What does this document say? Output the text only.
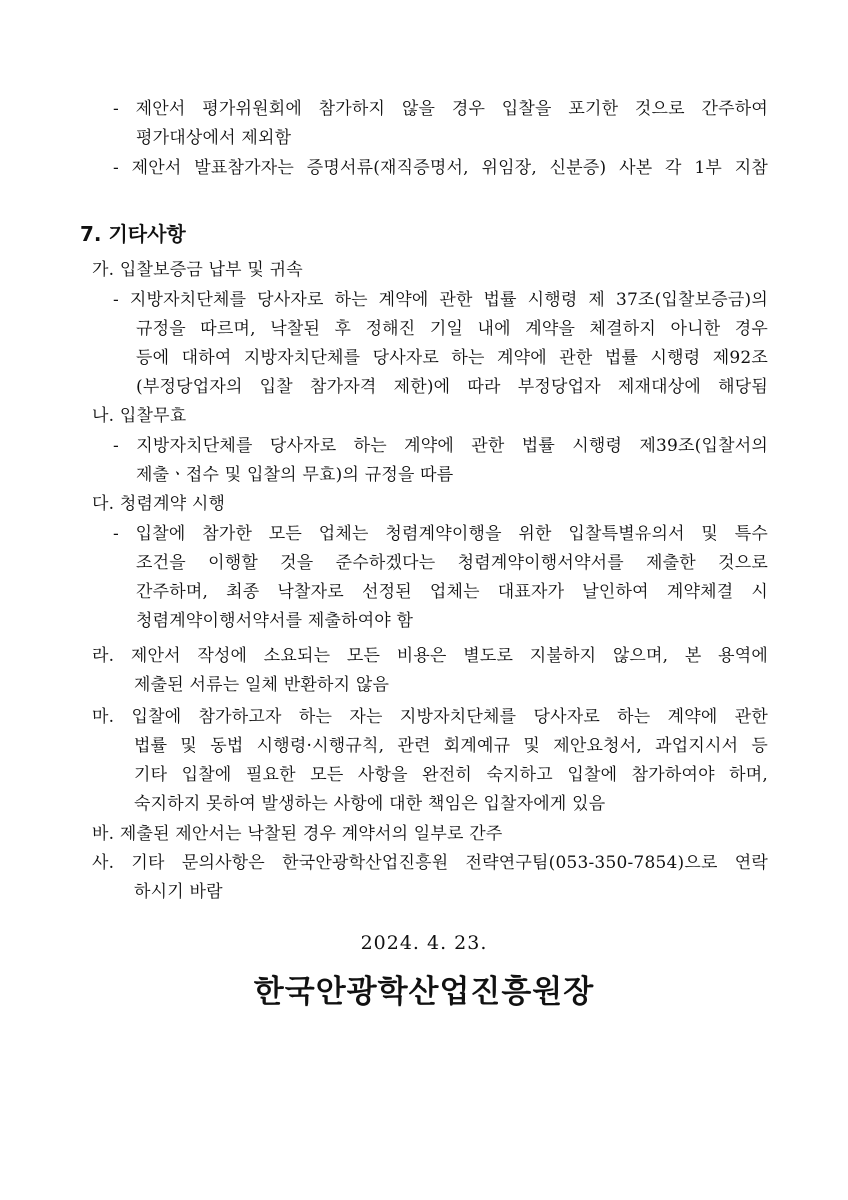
- 제안서 평가위원회에 참가하지 않을 경우 입찰을 포기한 것으로 간주하여
평가대상에서 제외함
- 제안서 발표참가자는 증명서류(재직증명서, 위임장, 신분증) 사본 각 1부 지참
7. 기타사항
가. 입찰보증금 납부 및 귀속
- 지방자치단체를 당사자로 하는 계약에 관한 법률 시행령 제 37조(입찰보증금)의
규정을 따르며, 낙찰된 후 정해진 기일 내에 계약을 체결하지 아니한 경우
등에 대하여 지방자치단체를 당사자로 하는 계약에 관한 법률 시행령 제92조
(부정당업자의 입찰 참가자격 제한)에 따라 부정당업자 제재대상에 해당됨
나. 입찰무효
- 지방자치단체를 당사자로 하는 계약에 관한 법률 시행령 제39조(입찰서의
제출ㆍ접수 및 입찰의 무효)의 규정을 따름
다. 청렴계약 시행
- 입찰에 참가한 모든 업체는 청렴계약이행을 위한 입찰특별유의서 및 특수
조건을 이행할 것을 준수하겠다는 청렴계약이행서약서를 제출한 것으로
간주하며, 최종 낙찰자로 선정된 업체는 대표자가 날인하여 계약체결 시
청렴계약이행서약서를 제출하여야 함
라. 제안서 작성에 소요되는 모든 비용은 별도로 지불하지 않으며, 본 용역에
제출된 서류는 일체 반환하지 않음
마. 입찰에 참가하고자 하는 자는 지방자치단체를 당사자로 하는 계약에 관한
법률 및 동법 시행령·시행규칙, 관련 회계예규 및 제안요청서, 과업지시서 등
기타 입찰에 필요한 모든 사항을 완전히 숙지하고 입찰에 참가하여야 하며,
숙지하지 못하여 발생하는 사항에 대한 책임은 입찰자에게 있음
바. 제출된 제안서는 낙찰된 경우 계약서의 일부로 간주
사. 기타 문의사항은 한국안광학산업진흥원 전략연구팀(053-350-7854)으로 연락
하시기 바람
2024. 4. 23.
한국안광학산업진흥원장
